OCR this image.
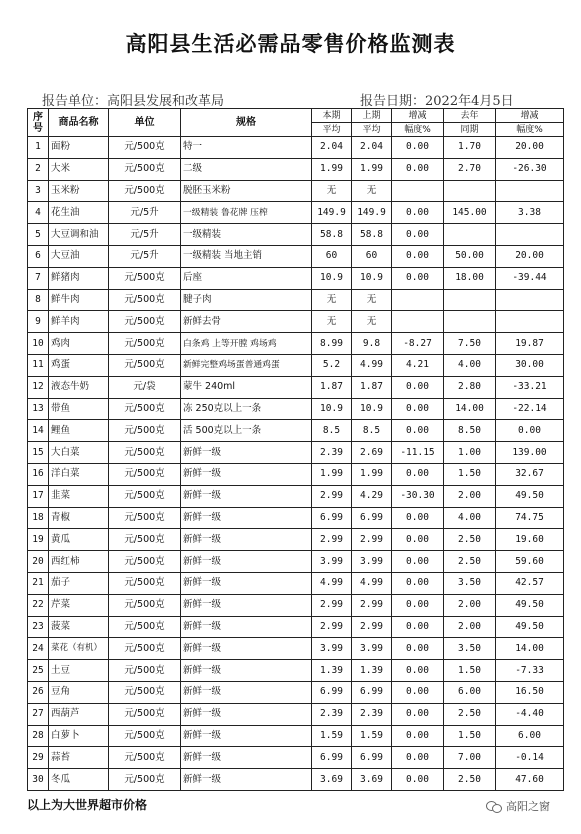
高阳县生活必需品零售价格监测表
报告单位：高阳县发展和改革局	报告日期：2022年4月5日
序号	商品名称	单位	规格	本期	上期	增减	去年	增减
				平均	平均	幅度%	同期	幅度%
1	面粉	元/500克	特一	2.04	2.04	0.00	1.70	20.00
2	大米	元/500克	二级	1.99	1.99	0.00	2.70	-26.30
3	玉米粉	元/500克	脱胚玉米粉	无	无			
4	花生油	元/5升	一级精装 鲁花牌 压榨	149.9	149.9	0.00	145.00	3.38
5	大豆调和油	元/5升	一级精装	58.8	58.8	0.00		
6	大豆油	元/5升	一级精装 当地主销	60	60	0.00	50.00	20.00
7	鲜猪肉	元/500克	后座	10.9	10.9	0.00	18.00	-39.44
8	鲜牛肉	元/500克	腱子肉	无	无			
9	鲜羊肉	元/500克	新鲜去骨	无	无			
10	鸡肉	元/500克	白条鸡 上等开膛 鸡场鸡	8.99	9.8	-8.27	7.50	19.87
11	鸡蛋	元/500克	新鲜完整鸡场蛋普通鸡蛋	5.2	4.99	4.21	4.00	30.00
12	液态牛奶	元/袋	蒙牛 240ml	1.87	1.87	0.00	2.80	-33.21
13	带鱼	元/500克	冻 250克以上一条	10.9	10.9	0.00	14.00	-22.14
14	鲤鱼	元/500克	活 500克以上一条	8.5	8.5	0.00	8.50	0.00
15	大白菜	元/500克	新鲜一级	2.39	2.69	-11.15	1.00	139.00
16	洋白菜	元/500克	新鲜一级	1.99	1.99	0.00	1.50	32.67
17	韭菜	元/500克	新鲜一级	2.99	4.29	-30.30	2.00	49.50
18	青椒	元/500克	新鲜一级	6.99	6.99	0.00	4.00	74.75
19	黄瓜	元/500克	新鲜一级	2.99	2.99	0.00	2.50	19.60
20	西红柿	元/500克	新鲜一级	3.99	3.99	0.00	2.50	59.60
21	茄子	元/500克	新鲜一级	4.99	4.99	0.00	3.50	42.57
22	芹菜	元/500克	新鲜一级	2.99	2.99	0.00	2.00	49.50
23	菠菜	元/500克	新鲜一级	2.99	2.99	0.00	2.00	49.50
24	菜花（有机）	元/500克	新鲜一级	3.99	3.99	0.00	3.50	14.00
25	土豆	元/500克	新鲜一级	1.39	1.39	0.00	1.50	-7.33
26	豆角	元/500克	新鲜一级	6.99	6.99	0.00	6.00	16.50
27	西葫芦	元/500克	新鲜一级	2.39	2.39	0.00	2.50	-4.40
28	白萝卜	元/500克	新鲜一级	1.59	1.59	0.00	1.50	6.00
29	蒜苔	元/500克	新鲜一级	6.99	6.99	0.00	7.00	-0.14
30	冬瓜	元/500克	新鲜一级	3.69	3.69	0.00	2.50	47.60
以上为大世界超市价格	高阳之窗
